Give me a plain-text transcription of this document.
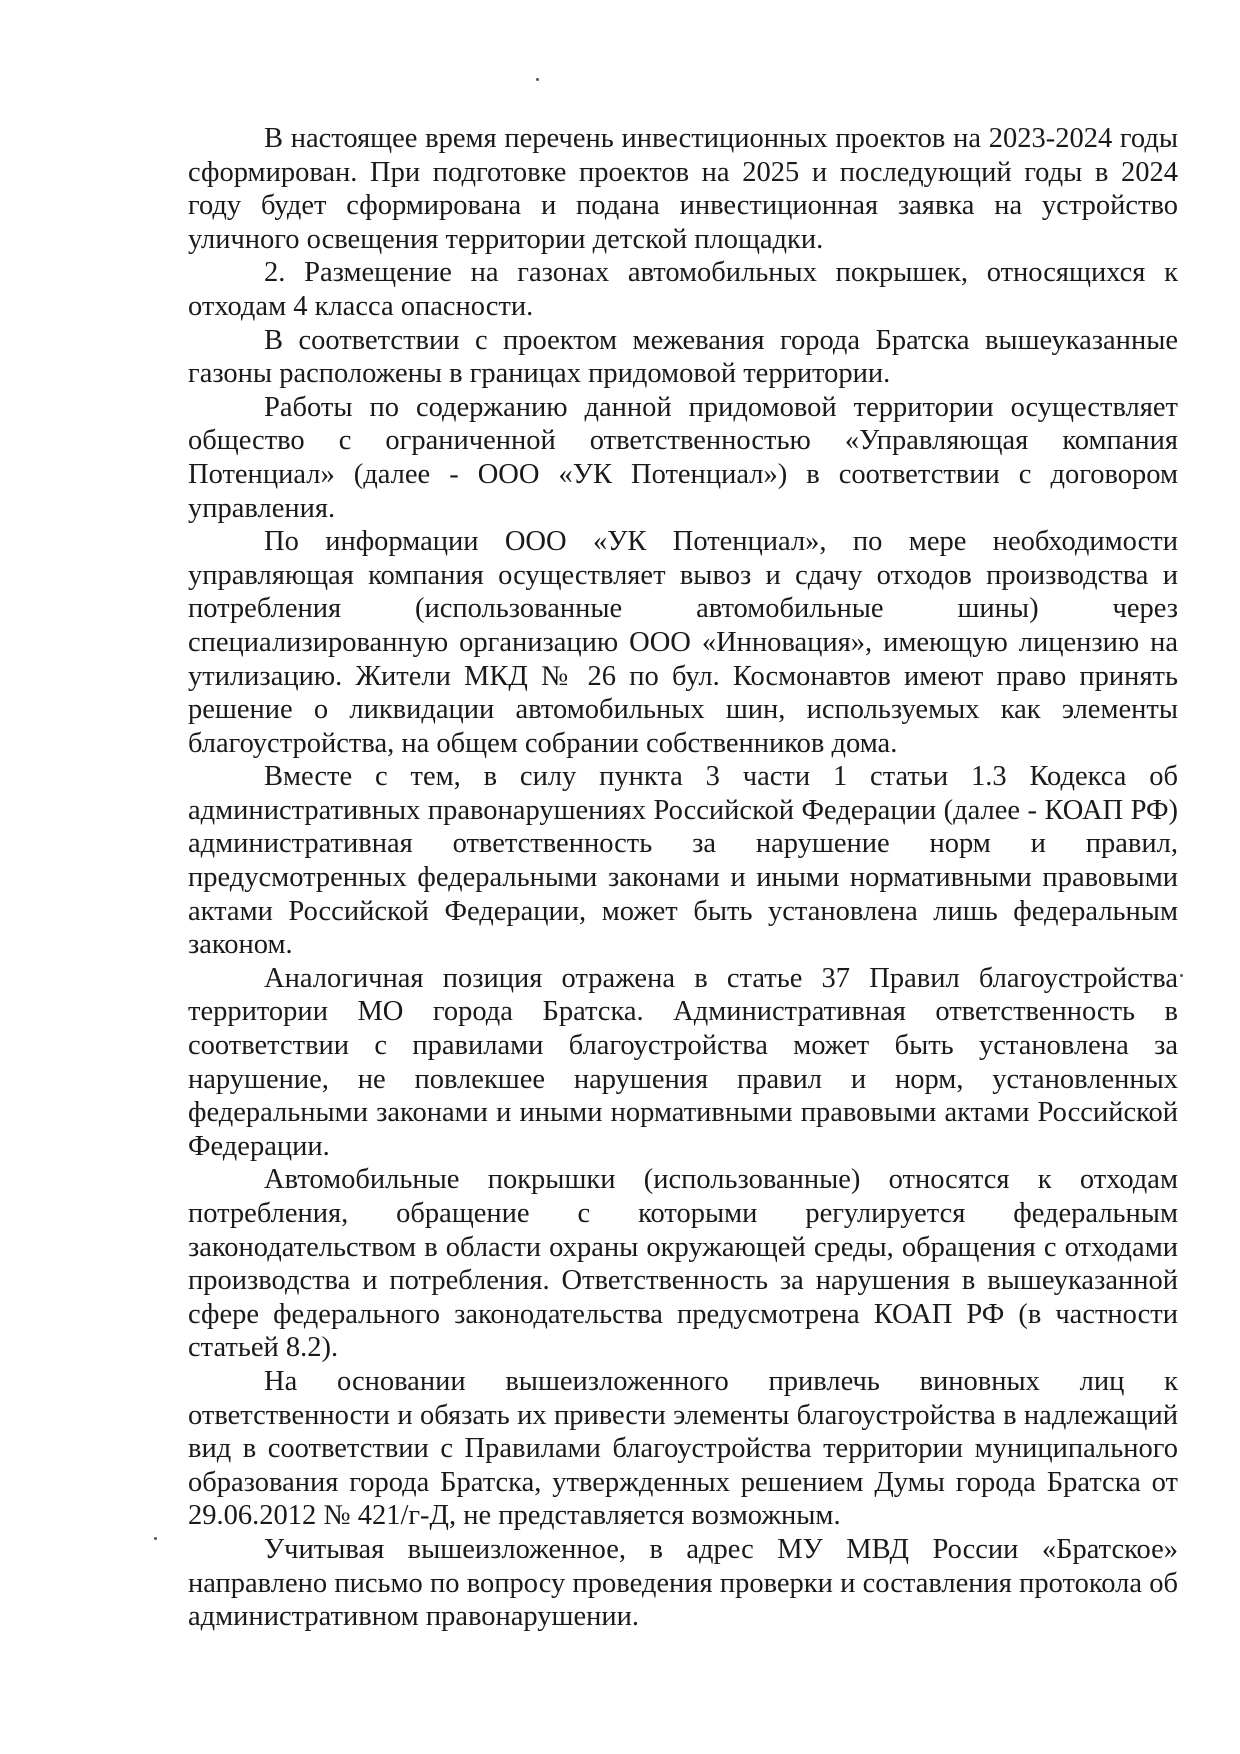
В настоящее время перечень инвестиционных проектов на 2023-2024 годы сформирован. При подготовке проектов на 2025 и последующий годы в 2024 году будет сформирована и подана инвестиционная заявка на устройство уличного освещения территории детской площадки.

2. Размещение на газонах автомобильных покрышек, относящихся к отходам 4 класса опасности.

В соответствии с проектом межевания города Братска вышеуказанные газоны расположены в границах придомовой территории.

Работы по содержанию данной придомовой территории осуществляет общество с ограниченной ответственностью «Управляющая компания Потенциал» (далее - ООО «УК Потенциал») в соответствии с договором управления.

По информации ООО «УК Потенциал», по мере необходимости управляющая компания осуществляет вывоз и сдачу отходов производства и потребления (использованные автомобильные шины) через специализированную организацию ООО «Инновация», имеющую лицензию на утилизацию. Жители МКД № 26 по бул. Космонавтов имеют право принять решение о ликвидации автомобильных шин, используемых как элементы благоустройства, на общем собрании собственников дома.

Вместе с тем, в силу пункта 3 части 1 статьи 1.3 Кодекса об административных правонарушениях Российской Федерации (далее - КОАП РФ) административная ответственность за нарушение норм и правил, предусмотренных федеральными законами и иными нормативными правовыми актами Российской Федерации, может быть установлена лишь федеральным законом.

Аналогичная позиция отражена в статье 37 Правил благоустройства территории МО города Братска. Административная ответственность в соответствии с правилами благоустройства может быть установлена за нарушение, не повлекшее нарушения правил и норм, установленных федеральными законами и иными нормативными правовыми актами Российской Федерации.

Автомобильные покрышки (использованные) относятся к отходам потребления, обращение с которыми регулируется федеральным законодательством в области охраны окружающей среды, обращения с отходами производства и потребления. Ответственность за нарушения в вышеуказанной сфере федерального законодательства предусмотрена КОАП РФ (в частности статьей 8.2).

На основании вышеизложенного привлечь виновных лиц к ответственности и обязать их привести элементы благоустройства в надлежащий вид в соответствии с Правилами благоустройства территории муниципального образования города Братска, утвержденных решением Думы города Братска от 29.06.2012 № 421/г-Д, не представляется возможным.

Учитывая вышеизложенное, в адрес МУ МВД России «Братское» направлено письмо по вопросу проведения проверки и составления протокола об административном правонарушении.
